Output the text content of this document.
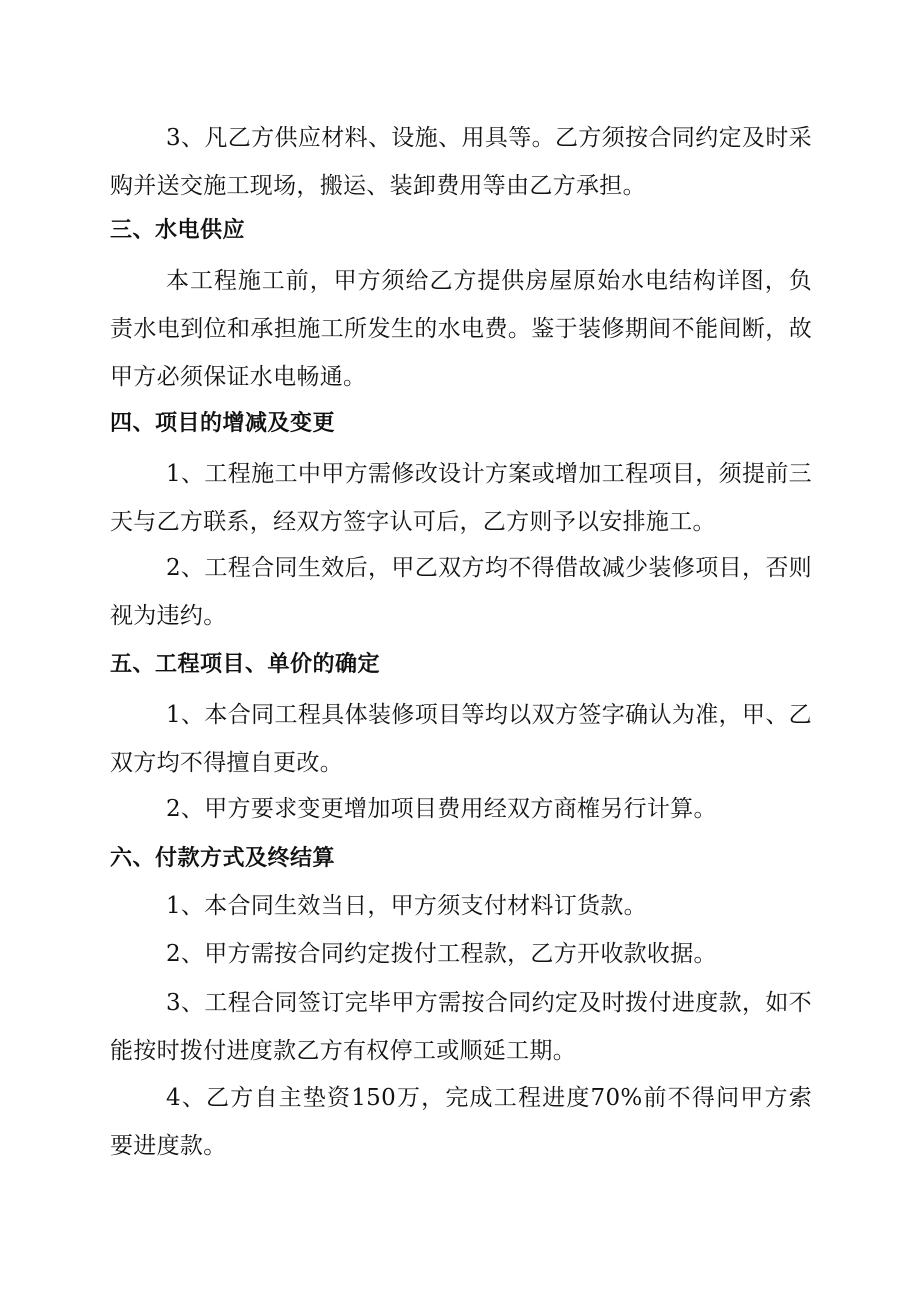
3、凡乙方供应材料、设施、用具等。乙方须按合同约定及时采购并送交施工现场，搬运、装卸费用等由乙方承担。

三、水电供应

本工程施工前，甲方须给乙方提供房屋原始水电结构详图，负责水电到位和承担施工所发生的水电费。鉴于装修期间不能间断，故甲方必须保证水电畅通。

四、项目的增减及变更

1、工程施工中甲方需修改设计方案或增加工程项目，须提前三天与乙方联系，经双方签字认可后，乙方则予以安排施工。

2、工程合同生效后，甲乙双方均不得借故减少装修项目，否则视为违约。

五、工程项目、单价的确定

1、本合同工程具体装修项目等均以双方签字确认为准，甲、乙双方均不得擅自更改。

2、甲方要求变更增加项目费用经双方商榷另行计算。

六、付款方式及终结算

1、本合同生效当日，甲方须支付材料订货款。

2、甲方需按合同约定拨付工程款，乙方开收款收据。

3、工程合同签订完毕甲方需按合同约定及时拨付进度款，如不能按时拨付进度款乙方有权停工或顺延工期。

4、乙方自主垫资150万，完成工程进度70%前不得问甲方索要进度款。
